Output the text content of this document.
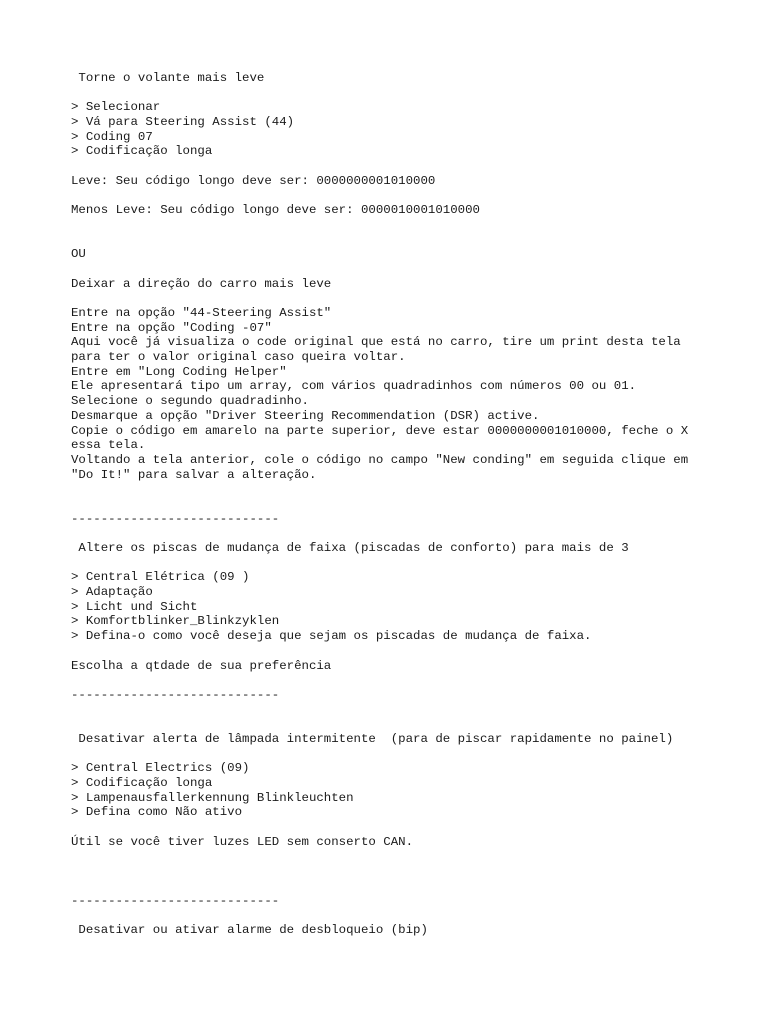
Torne o volante mais leve
> Selecionar
> Vá para Steering Assist (44)
> Coding 07
> Codificação longa
Leve: Seu código longo deve ser: 0000000001010000
Menos Leve: Seu código longo deve ser: 0000010001010000
OU
Deixar a direção do carro mais leve
Entre na opção "44-Steering Assist"
Entre na opção "Coding -07"
Aqui você já visualiza o code original que está no carro, tire um print desta tela
para ter o valor original caso queira voltar.
Entre em "Long Coding Helper"
Ele apresentará tipo um array, com vários quadradinhos com números 00 ou 01.
Selecione o segundo quadradinho.
Desmarque a opção "Driver Steering Recommendation (DSR) active.
Copie o código em amarelo na parte superior, deve estar 0000000001010000, feche o X
essa tela.
Voltando a tela anterior, cole o código no campo "New conding" em seguida clique em
"Do It!" para salvar a alteração.
----------------------------
Altere os piscas de mudança de faixa (piscadas de conforto) para mais de 3
> Central Elétrica (09 )
> Adaptação
> Licht und Sicht
> Komfortblinker_Blinkzyklen
> Defina-o como você deseja que sejam os piscadas de mudança de faixa.
Escolha a qtdade de sua preferência
----------------------------
Desativar alerta de lâmpada intermitente  (para de piscar rapidamente no painel)
> Central Electrics (09)
> Codificação longa
> Lampenausfallerkennung Blinkleuchten
> Defina como Não ativo
Útil se você tiver luzes LED sem conserto CAN.
----------------------------
Desativar ou ativar alarme de desbloqueio (bip)
